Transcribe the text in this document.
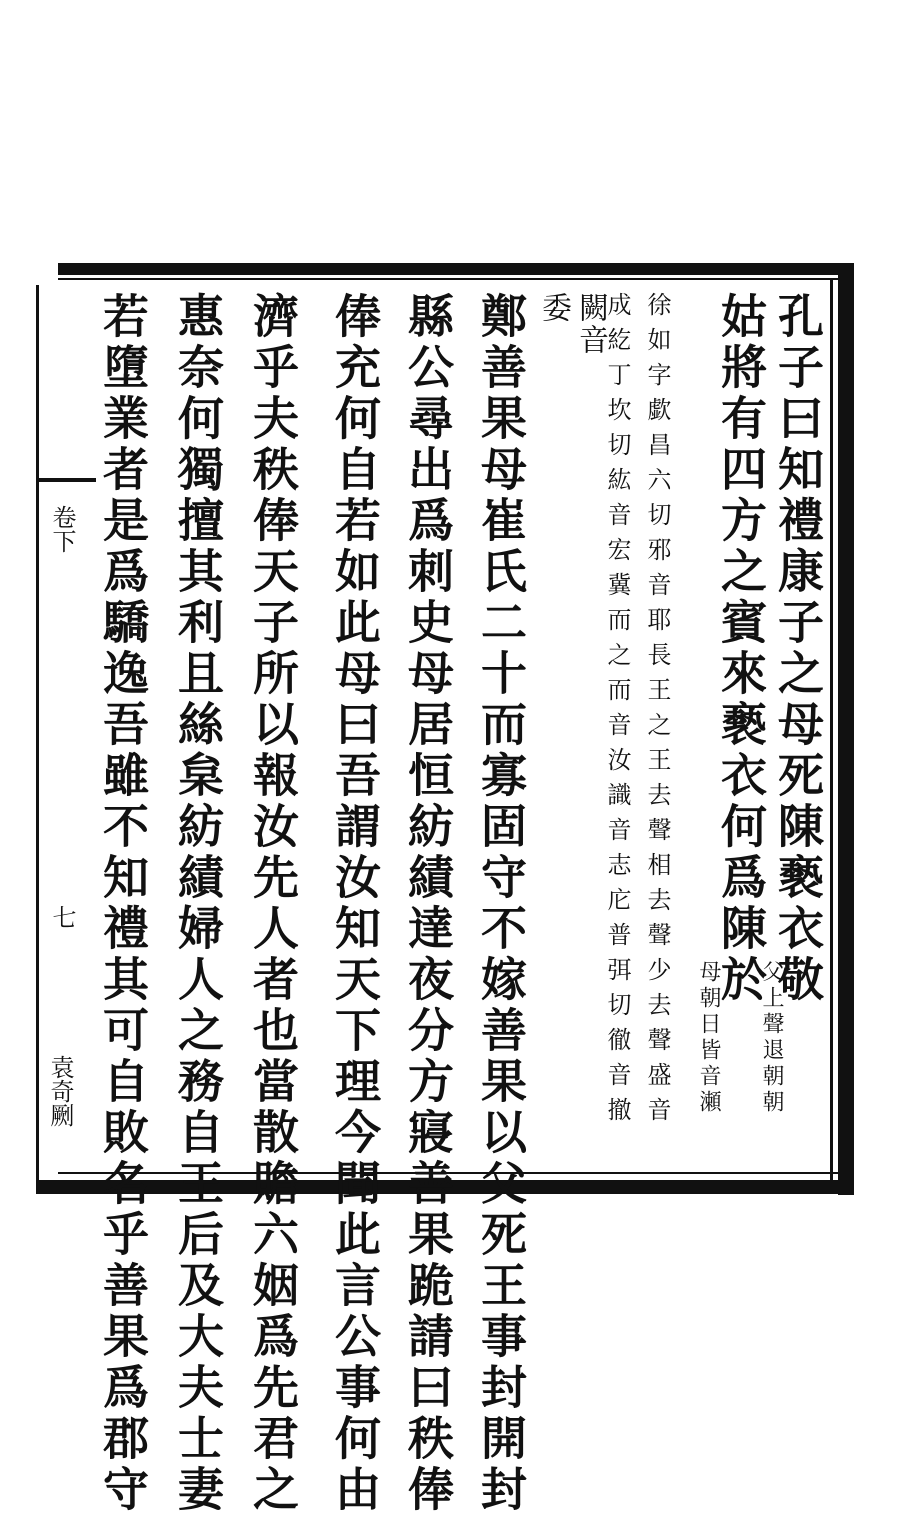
孔子曰知禮康子之母死陳褻衣敬
父上聲退朝朝
姑將有四方之賓來褻衣何爲陳於
母朝日皆音瀬
徐如字歔昌六切邪音耶長王之王去聲相去聲少去聲盛音
成紇丁坎切紘音宏冀而之而音汝識音志庀普弭切徹音撤
闕音
委
鄭善果母崔氏二十而寡固守不嫁善果以父死王事封開封
縣公尋出爲刺史母居恒紡績達夜分方寢善果跪請曰秩俸
俸充何自若如此母曰吾謂汝知天下理今聞此言公事何由
濟乎夫秩俸天子所以報汝先人者也當散贍六姻爲先君之
惠奈何獨擅其利且絲枲紡績婦人之務自王后及大夫士妻
若墮業者是爲驕逸吾雖不知禮其可自敗名乎善果爲郡守
卷下
七
袁奇劂
